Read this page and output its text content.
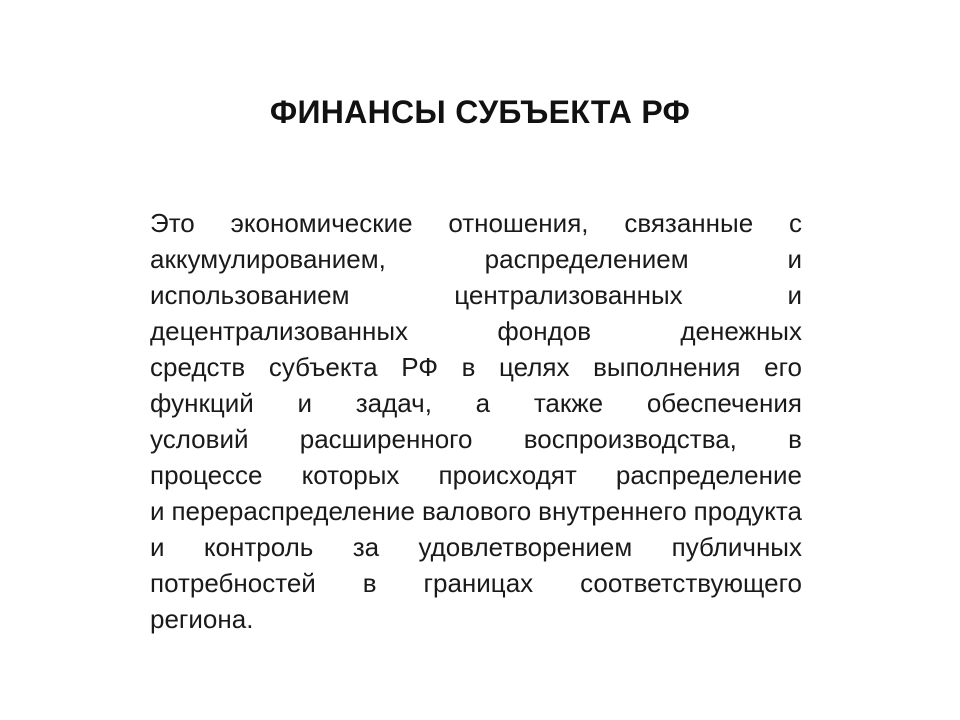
ФИНАНСЫ СУБЪЕКТА РФ

Это экономические отношения, связанные с
аккумулированием,	распределением	и
использованием	централизованных	и
децентрализованных	фондов	денежных
средств субъекта РФ в целях выполнения его
функций и задач, а также обеспечения
условий расширенного воспроизводства, в
процессе которых происходят распределение
и перераспределение валового внутреннего продукта
и контроль за удовлетворением публичных
потребностей в границах соответствующего
региона.
